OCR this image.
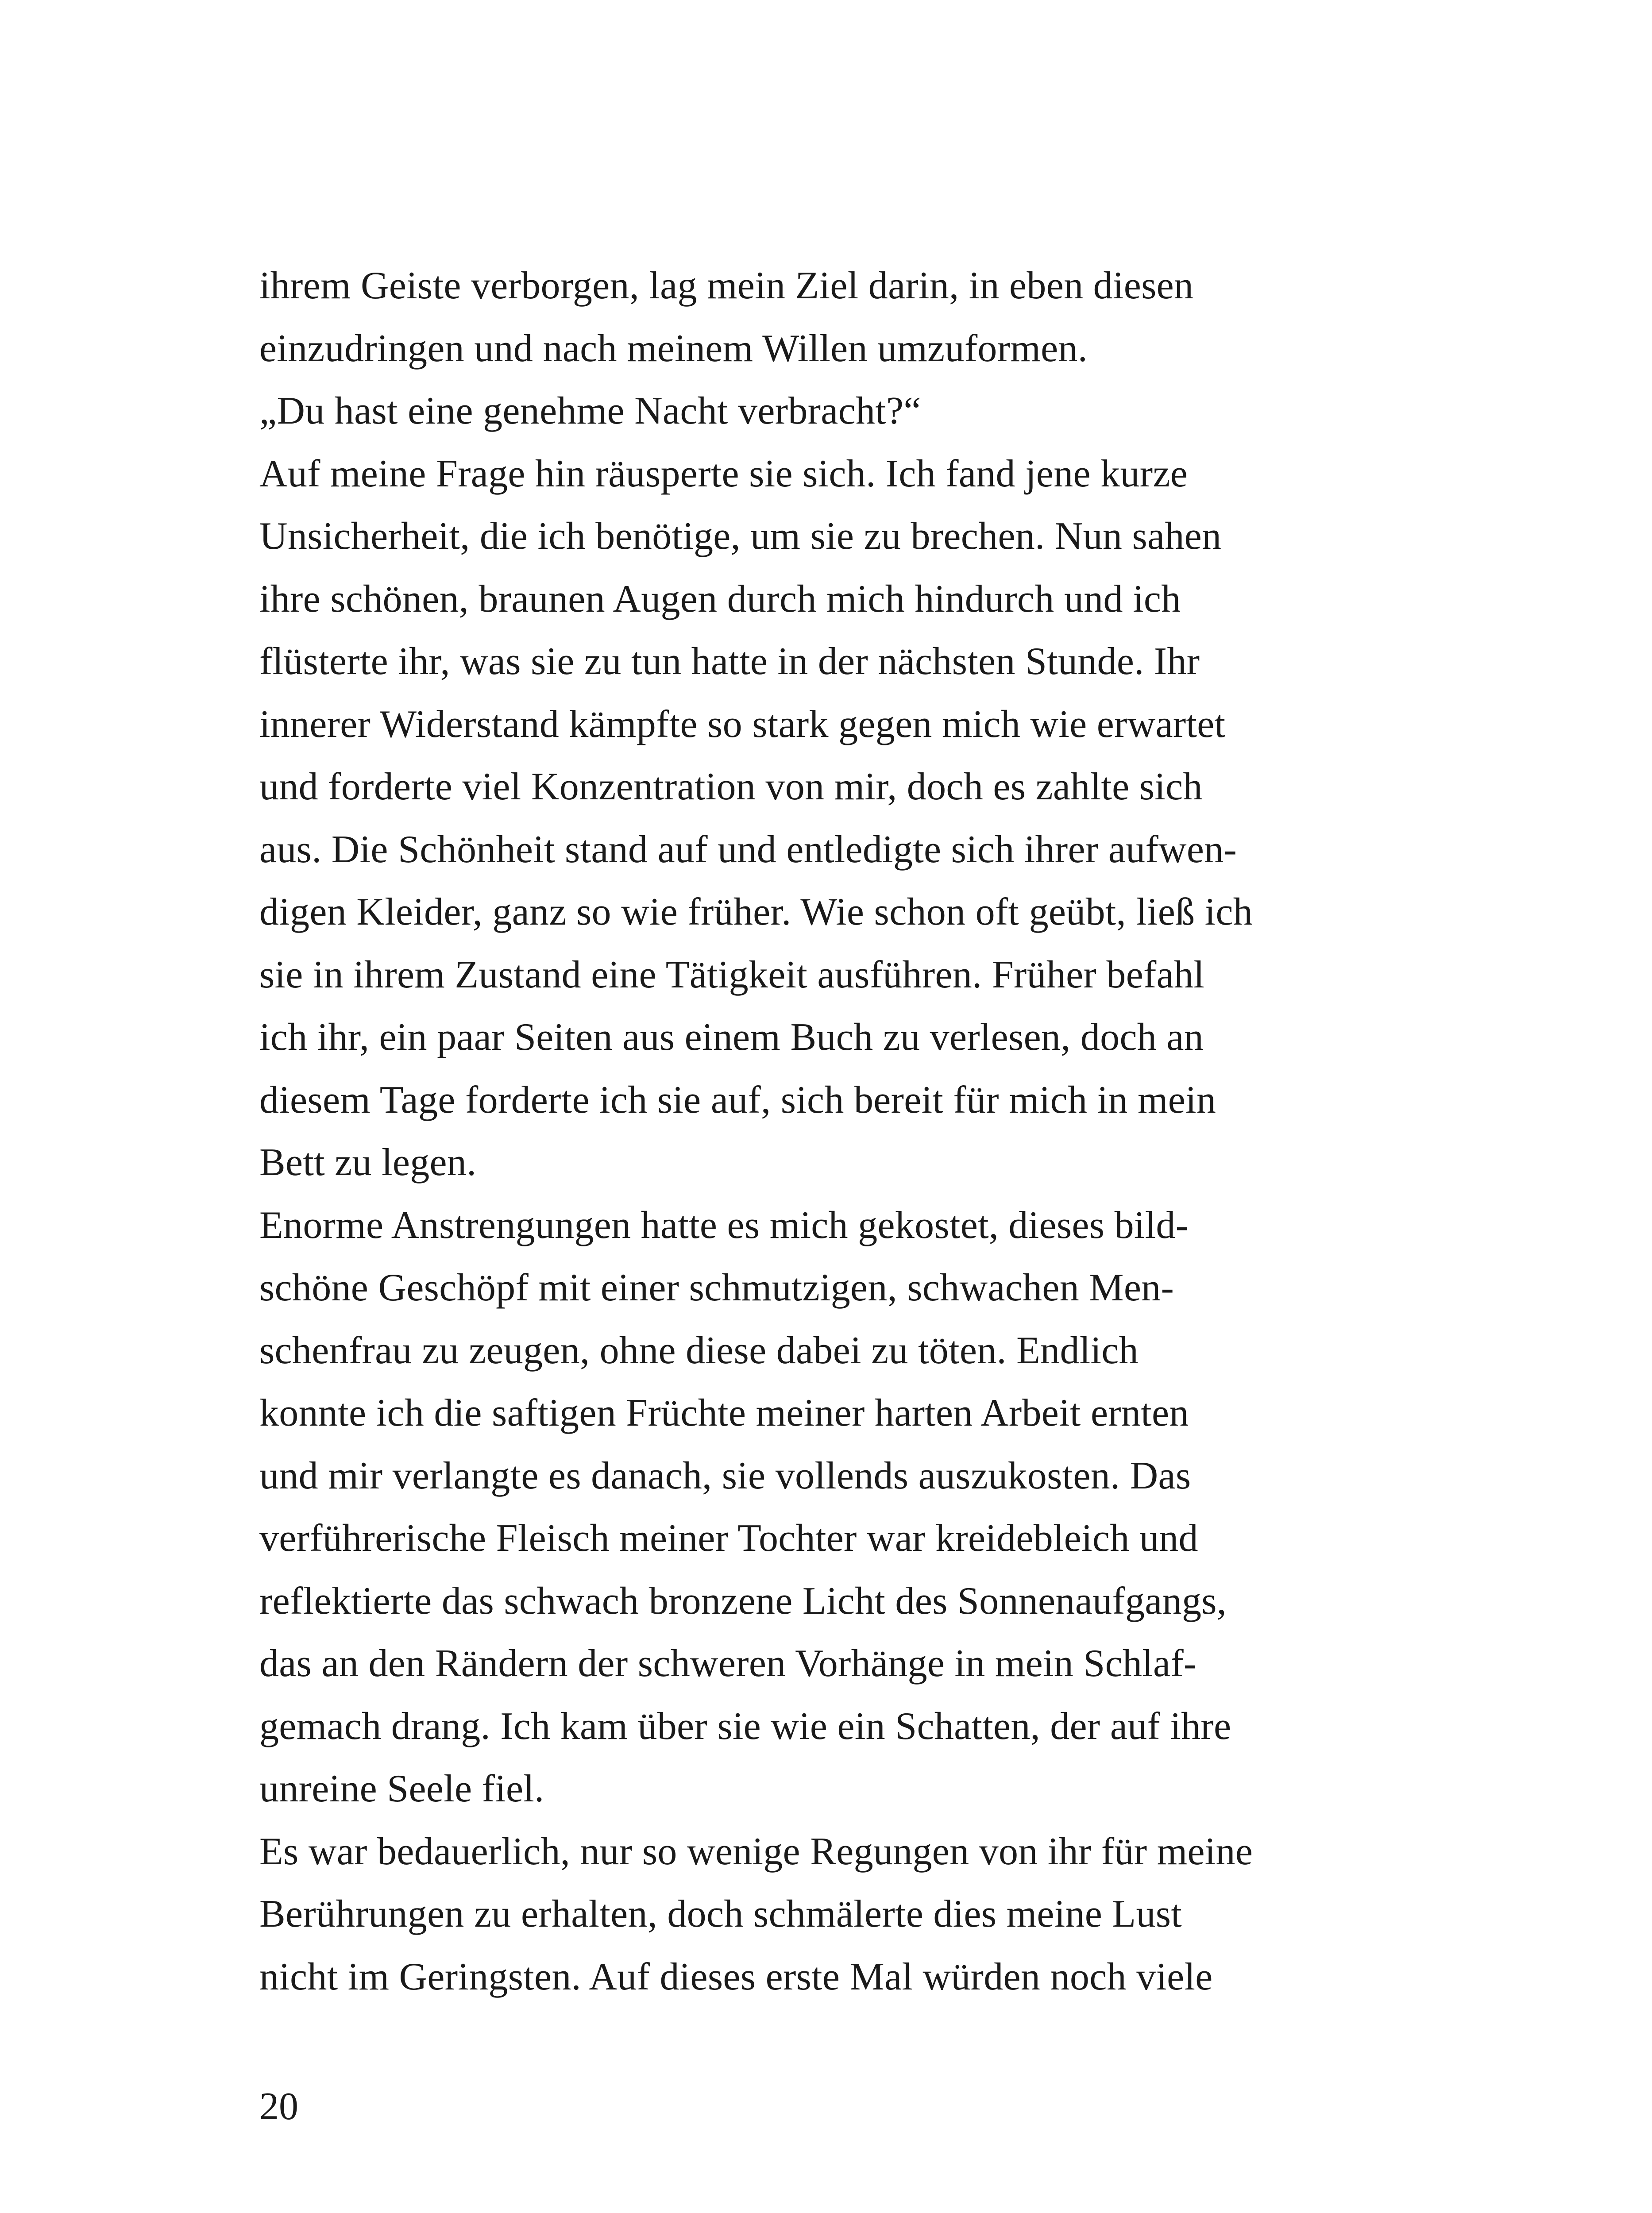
ihrem Geiste verborgen, lag mein Ziel darin, in eben diesen
einzudringen und nach meinem Willen umzuformen.
„Du hast eine genehme Nacht verbracht?“
Auf meine Frage hin räusperte sie sich. Ich fand jene kurze
Unsicherheit, die ich benötige, um sie zu brechen. Nun sahen
ihre schönen, braunen Augen durch mich hindurch und ich
flüsterte ihr, was sie zu tun hatte in der nächsten Stunde. Ihr
innerer Widerstand kämpfte so stark gegen mich wie erwartet
und forderte viel Konzentration von mir, doch es zahlte sich
aus. Die Schönheit stand auf und entledigte sich ihrer aufwen-
digen Kleider, ganz so wie früher. Wie schon oft geübt, ließ ich
sie in ihrem Zustand eine Tätigkeit ausführen. Früher befahl
ich ihr, ein paar Seiten aus einem Buch zu verlesen, doch an
diesem Tage forderte ich sie auf, sich bereit für mich in mein
Bett zu legen.
Enorme Anstrengungen hatte es mich gekostet, dieses bild-
schöne Geschöpf mit einer schmutzigen, schwachen Men-
schenfrau zu zeugen, ohne diese dabei zu töten. Endlich
konnte ich die saftigen Früchte meiner harten Arbeit ernten
und mir verlangte es danach, sie vollends auszukosten. Das
verführerische Fleisch meiner Tochter war kreidebleich und
reflektierte das schwach bronzene Licht des Sonnenaufgangs,
das an den Rändern der schweren Vorhänge in mein Schlaf-
gemach drang. Ich kam über sie wie ein Schatten, der auf ihre
unreine Seele fiel.
Es war bedauerlich, nur so wenige Regungen von ihr für meine
Berührungen zu erhalten, doch schmälerte dies meine Lust
nicht im Geringsten. Auf dieses erste Mal würden noch viele
20
